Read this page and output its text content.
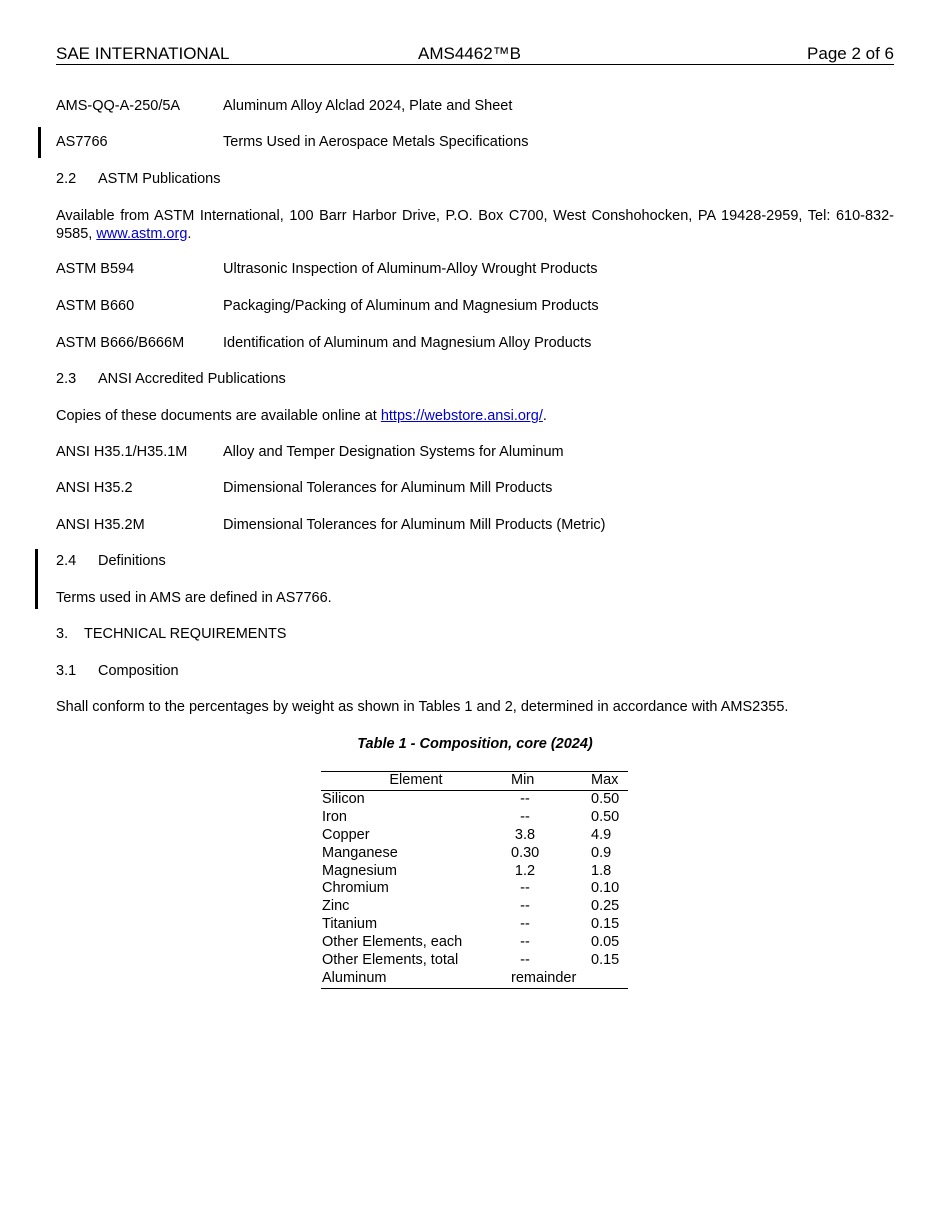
SAE INTERNATIONAL	AMS4462™B	Page 2 of 6
AMS-QQ-A-250/5A	Aluminum Alloy Alclad 2024, Plate and Sheet
AS7766	Terms Used in Aerospace Metals Specifications
2.2 ASTM Publications
Available from ASTM International, 100 Barr Harbor Drive, P.O. Box C700, West Conshohocken, PA 19428-2959, Tel: 610-832-9585, www.astm.org.
ASTM B594	Ultrasonic Inspection of Aluminum-Alloy Wrought Products
ASTM B660	Packaging/Packing of Aluminum and Magnesium Products
ASTM B666/B666M	Identification of Aluminum and Magnesium Alloy Products
2.3 ANSI Accredited Publications
Copies of these documents are available online at https://webstore.ansi.org/.
ANSI H35.1/H35.1M Alloy and Temper Designation Systems for Aluminum
ANSI H35.2	Dimensional Tolerances for Aluminum Mill Products
ANSI H35.2M	Dimensional Tolerances for Aluminum Mill Products (Metric)
2.4 Definitions
Terms used in AMS are defined in AS7766.
3. TECHNICAL REQUIREMENTS
3.1 Composition
Shall conform to the percentages by weight as shown in Tables 1 and 2, determined in accordance with AMS2355.
Table 1 - Composition, core (2024)
Element	Min	Max
Silicon	--	0.50
Iron	--	0.50
Copper	3.8	4.9
Manganese	0.30	0.9
Magnesium	1.2	1.8
Chromium	--	0.10
Zinc	--	0.25
Titanium	--	0.15
Other Elements, each	--	0.05
Other Elements, total	--	0.15
Aluminum	remainder
